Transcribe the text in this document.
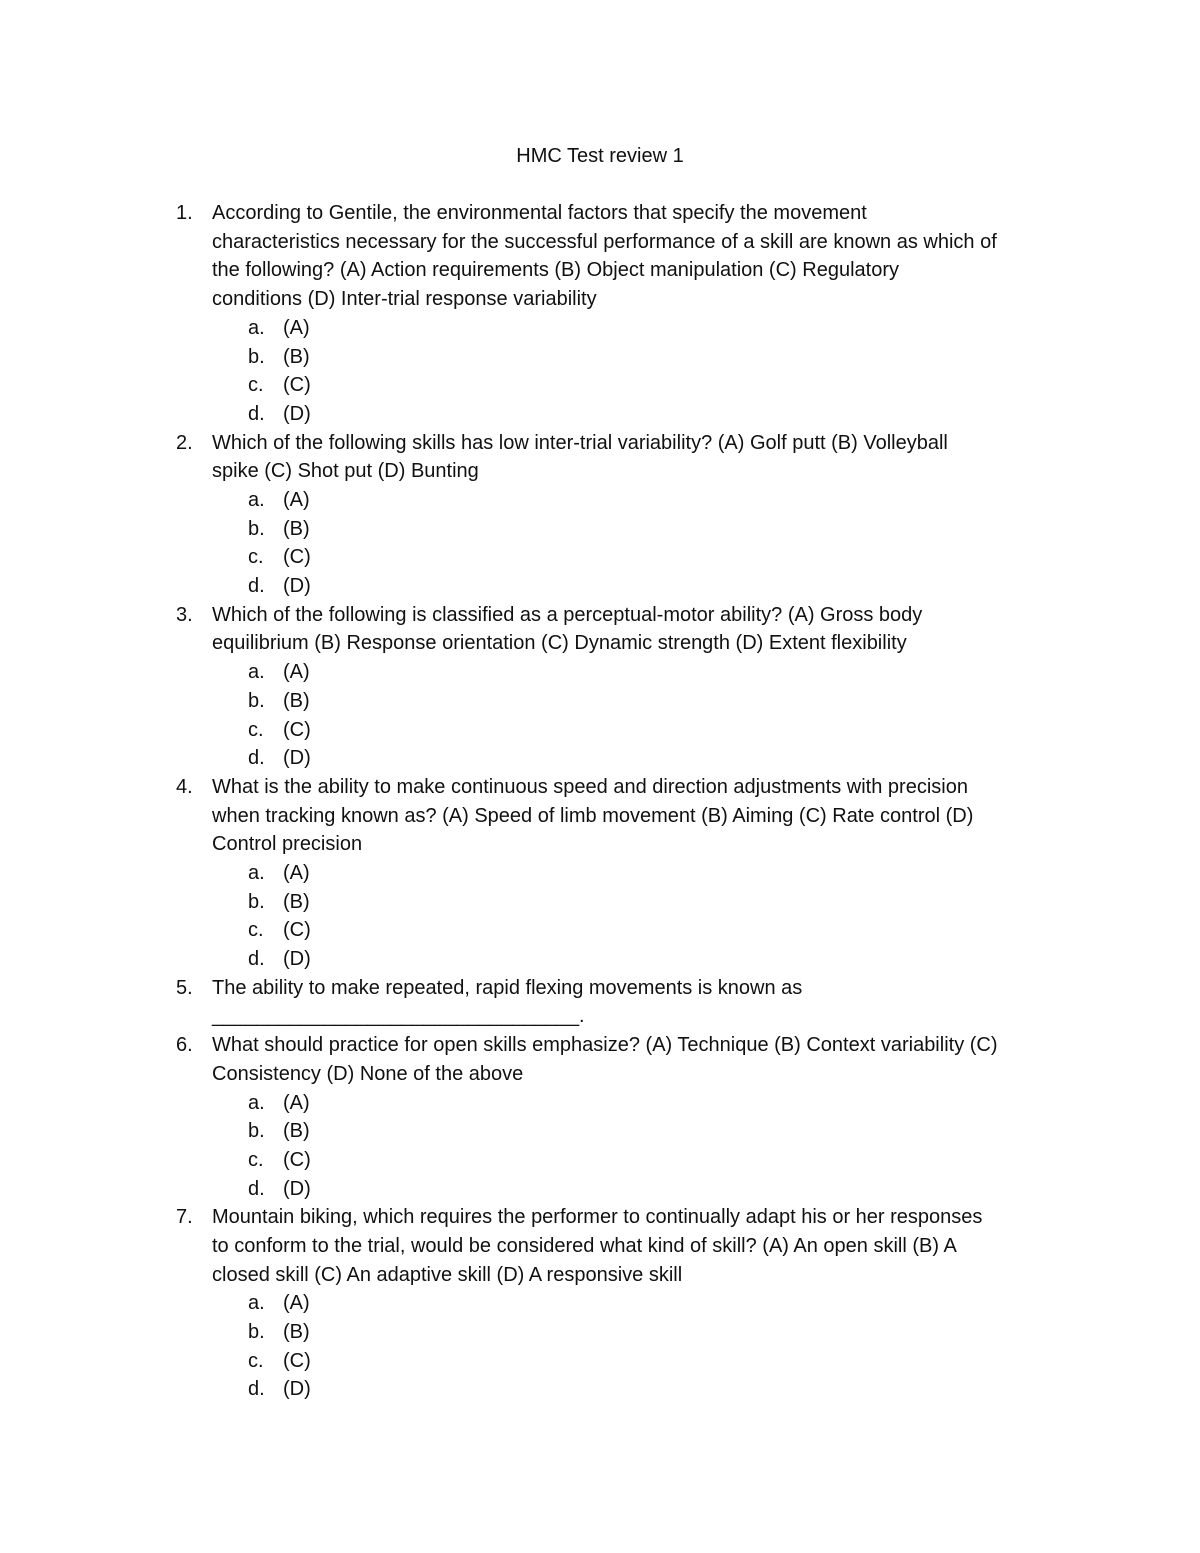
HMC Test review 1
1. According to Gentile, the environmental factors that specify the movement
characteristics necessary for the successful performance of a skill are known as which of
the following? (A) Action requirements (B) Object manipulation (C) Regulatory
conditions (D) Inter-trial response variability

a. (A)
b. (B)
c. (C)
d. (D)
2. Which of the following skills has low inter-trial variability? (A) Golf putt (B) Volleyball
spike (C) Shot put (D) Bunting

a. (A)
b. (B)
c. (C)
d. (D)
3. Which of the following is classified as a perceptual-motor ability? (A) Gross body
equilibrium (B) Response orientation (C) Dynamic strength (D) Extent flexibility

a. (A)
b. (B)
c. (C)
d. (D)
4. What is the ability to make continuous speed and direction adjustments with precision
when tracking known as? (A) Speed of limb movement (B) Aiming (C) Rate control (D)
Control precision

a. (A)
b. (B)
c. (C)
d. (D)
5. The ability to make repeated, rapid flexing movements is known as
_________________________________.

6. What should practice for open skills emphasize? (A) Technique (B) Context variability (C)
Consistency (D) None of the above

a. (A)
b. (B)
c. (C)
d. (D)
7. Mountain biking, which requires the performer to continually adapt his or her responses
to conform to the trial, would be considered what kind of skill? (A) An open skill (B) A
closed skill (C) An adaptive skill (D) A responsive skill

a. (A)
b. (B)
c. (C)
d. (D)
